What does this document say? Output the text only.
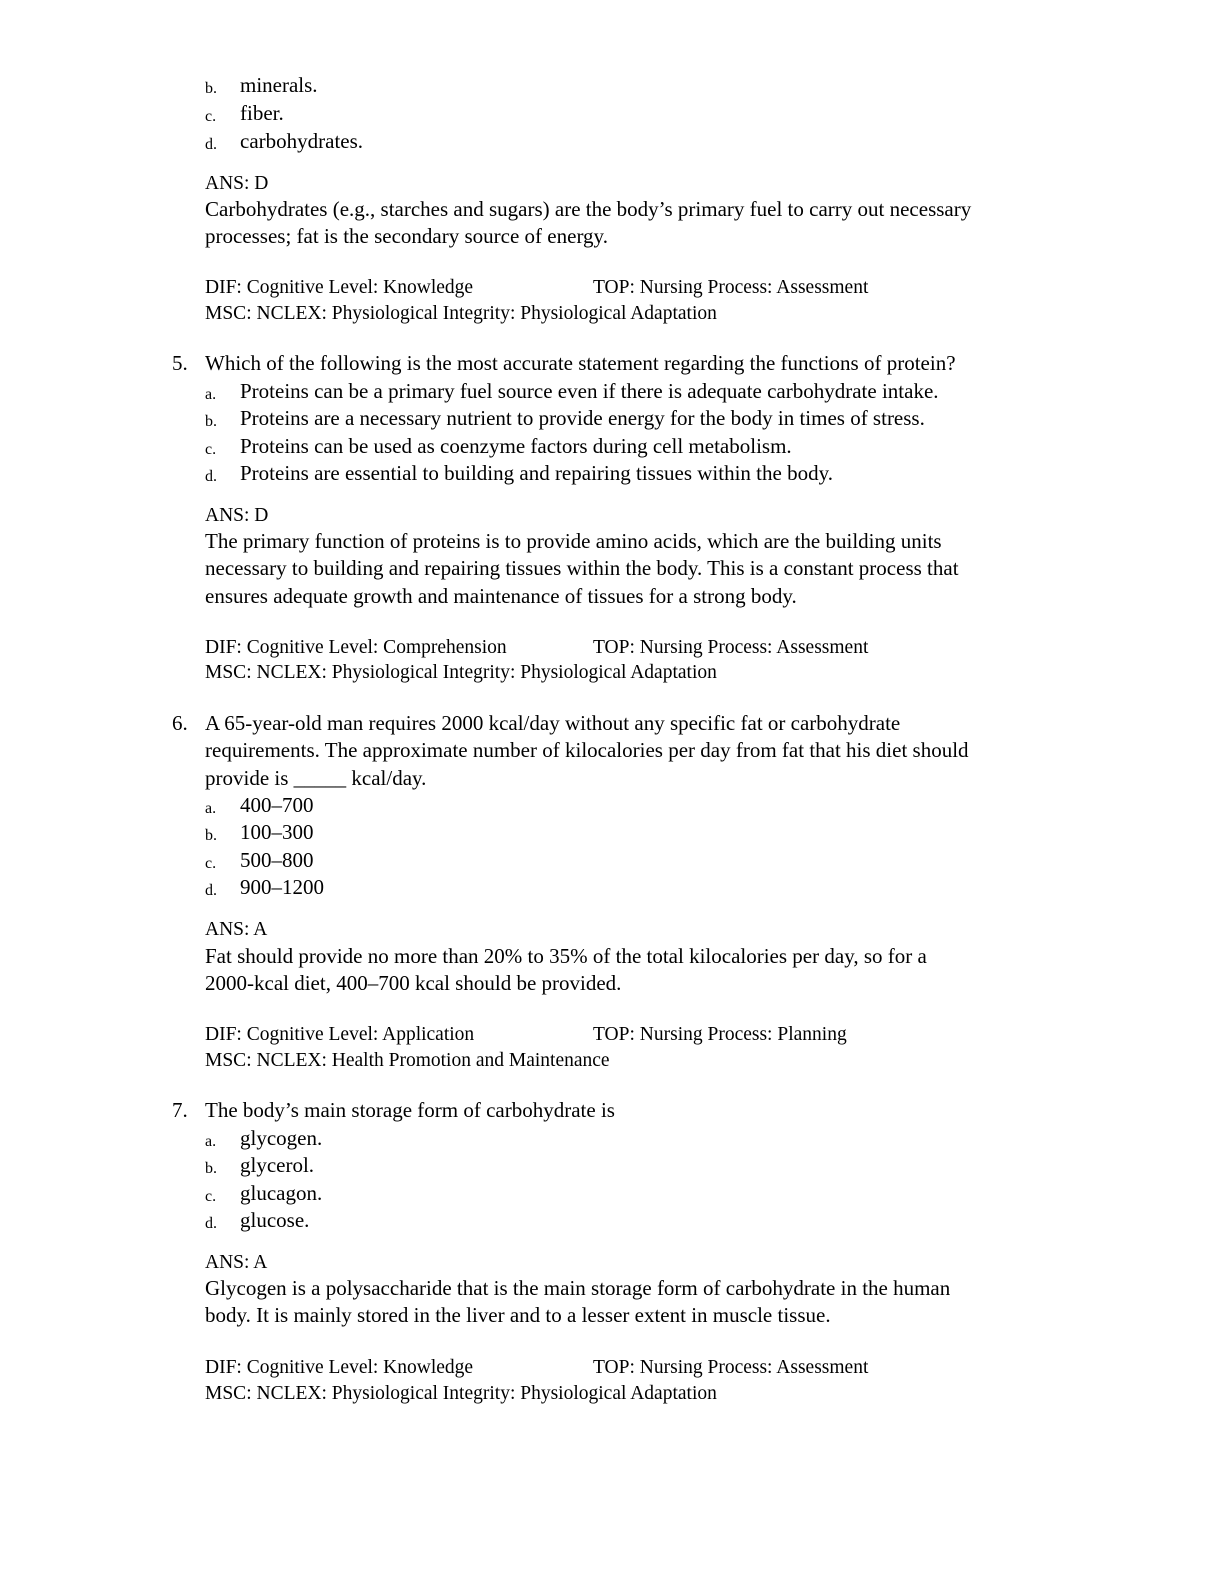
b. minerals.
c. fiber.
d. carbohydrates.
ANS: D
Carbohydrates (e.g., starches and sugars) are the body’s primary fuel to carry out necessary
processes; fat is the secondary source of energy.
DIF: Cognitive Level: Knowledge	TOP: Nursing Process: Assessment
MSC: NCLEX: Physiological Integrity: Physiological Adaptation
5. Which of the following is the most accurate statement regarding the functions of protein?
a. Proteins can be a primary fuel source even if there is adequate carbohydrate intake.
b. Proteins are a necessary nutrient to provide energy for the body in times of stress.
c. Proteins can be used as coenzyme factors during cell metabolism.
d. Proteins are essential to building and repairing tissues within the body.
ANS: D
The primary function of proteins is to provide amino acids, which are the building units
necessary to building and repairing tissues within the body. This is a constant process that
ensures adequate growth and maintenance of tissues for a strong body.
DIF: Cognitive Level: Comprehension	TOP: Nursing Process: Assessment
MSC: NCLEX: Physiological Integrity: Physiological Adaptation
6. A 65-year-old man requires 2000 kcal/day without any specific fat or carbohydrate
requirements. The approximate number of kilocalories per day from fat that his diet should
provide is _____ kcal/day.
a. 400–700
b. 100–300
c. 500–800
d. 900–1200
ANS: A
Fat should provide no more than 20% to 35% of the total kilocalories per day, so for a
2000-kcal diet, 400–700 kcal should be provided.
DIF: Cognitive Level: Application	TOP: Nursing Process: Planning
MSC: NCLEX: Health Promotion and Maintenance
7. The body’s main storage form of carbohydrate is
a. glycogen.
b. glycerol.
c. glucagon.
d. glucose.
ANS: A
Glycogen is a polysaccharide that is the main storage form of carbohydrate in the human
body. It is mainly stored in the liver and to a lesser extent in muscle tissue.
DIF: Cognitive Level: Knowledge	TOP: Nursing Process: Assessment
MSC: NCLEX: Physiological Integrity: Physiological Adaptation
